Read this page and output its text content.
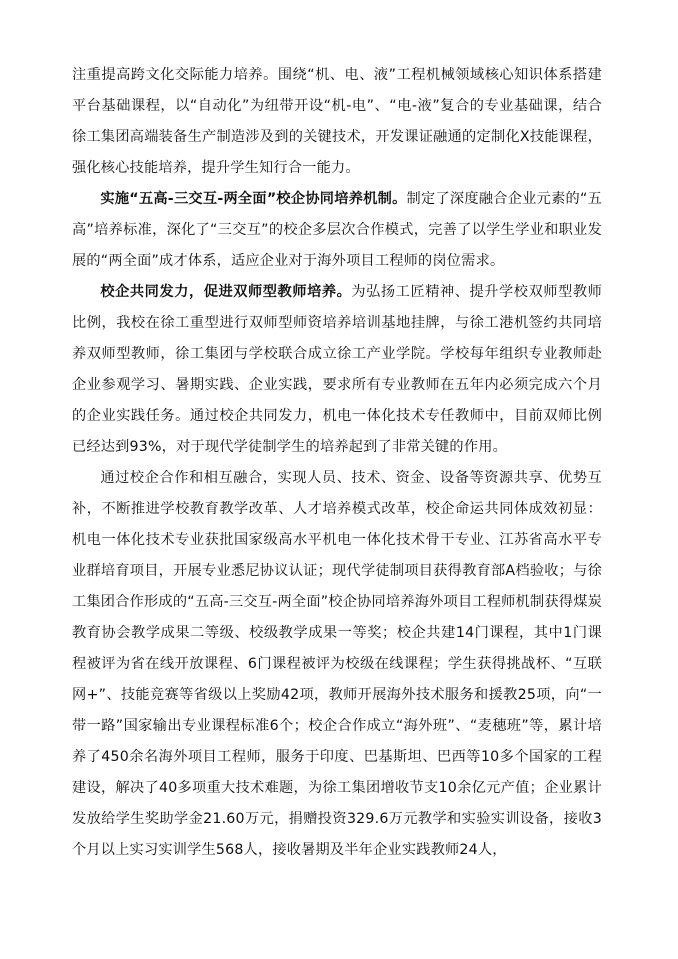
注重提高跨文化交际能力培养。围绕“机、电、液”工程机械领域核心知识体系搭建平台基础课程，以“自动化”为纽带开设“机-电”、“电-液”复合的专业基础课，结合徐工集团高端装备生产制造涉及到的关键技术，开发课证融通的定制化Ⅹ技能课程，强化核心技能培养，提升学生知行合一能力。

实施“五高-三交互-两全面”校企协同培养机制。制定了深度融合企业元素的“五高”培养标准，深化了“三交互”的校企多层次合作模式，完善了以学生学业和职业发展的“两全面”成才体系，适应企业对于海外项目工程师的岗位需求。

校企共同发力，促进双师型教师培养。为弘扬工匠精神、提升学校双师型教师比例，我校在徐工重型进行双师型师资培养培训基地挂牌，与徐工港机签约共同培养双师型教师，徐工集团与学校联合成立徐工产业学院。学校每年组织专业教师赴企业参观学习、暑期实践、企业实践，要求所有专业教师在五年内必须完成六个月的企业实践任务。通过校企共同发力，机电一体化技术专任教师中，目前双师比例已经达到93%，对于现代学徒制学生的培养起到了非常关键的作用。

通过校企合作和相互融合，实现人员、技术、资金、设备等资源共享、优势互补，不断推进学校教育教学改革、人才培养模式改革，校企命运共同体成效初显：机电一体化技术专业获批国家级高水平机电一体化技术骨干专业、江苏省高水平专业群培育项目，开展专业悉尼协议认证；现代学徒制项目获得教育部A档验收；与徐工集团合作形成的“五高-三交互-两全面”校企协同培养海外项目工程师机制获得煤炭教育协会教学成果二等级、校级教学成果一等奖；校企共建14门课程，其中1门课程被评为省在线开放课程、6门课程被评为校级在线课程；学生获得挑战杯、“互联网+”、技能竞赛等省级以上奖励42项，教师开展海外技术服务和援教25项，向“一带一路”国家输出专业课程标准6个；校企合作成立“海外班”、“麦穗班”等，累计培养了450余名海外项目工程师，服务于印度、巴基斯坦、巴西等10多个国家的工程建设，解决了40多项重大技术难题，为徐工集团增收节支10余亿元产值；企业累计发放给学生奖助学金21.60万元，捐赠投资329.6万元教学和实验实训设备，接收3个月以上实习实训学生568人，接收暑期及半年企业实践教师24人，
